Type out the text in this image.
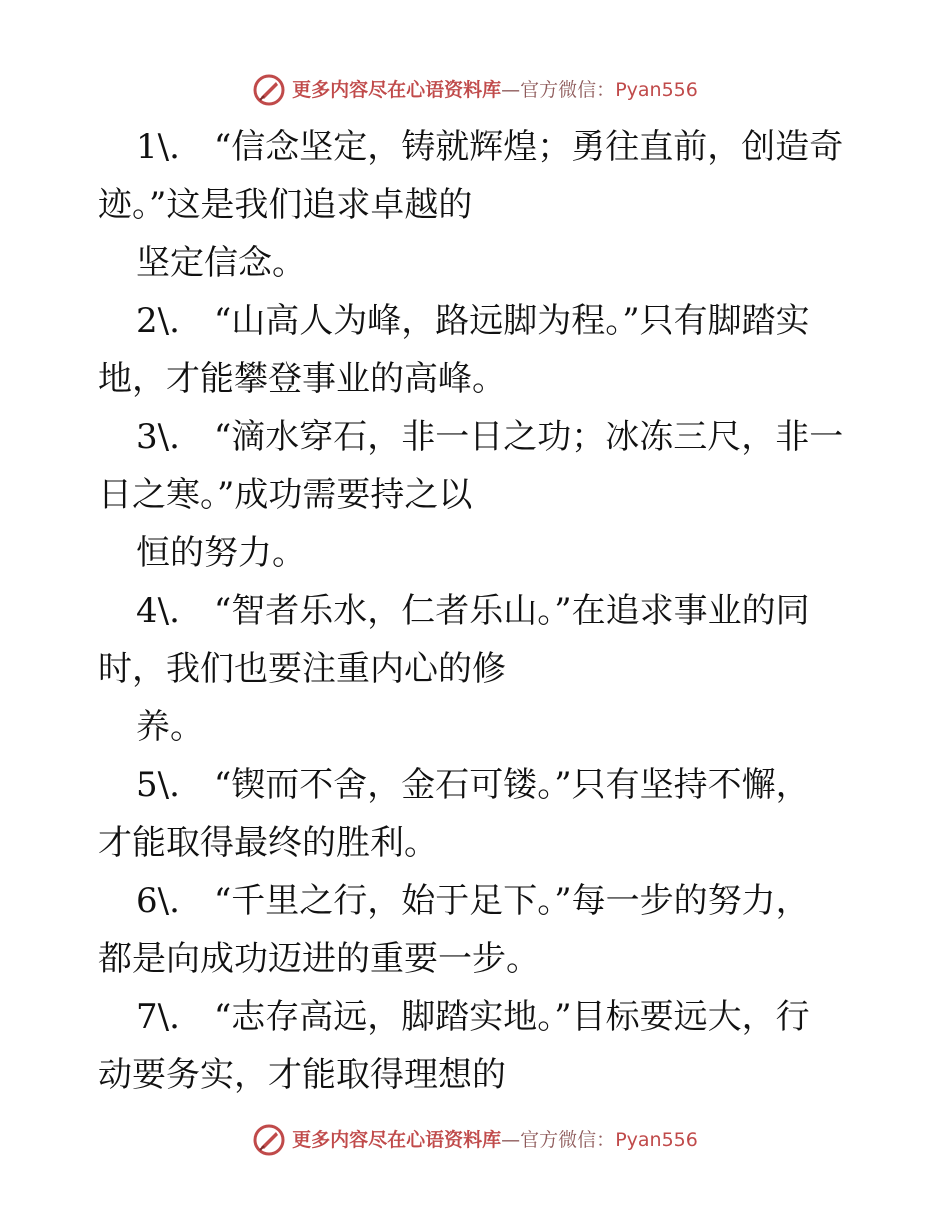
更多内容尽在心语资料库—官方微信：Pyan556

1\.　“信念坚定，铸就辉煌；勇往直前，创造奇
迹。”这是我们追求卓越的
坚定信念。

2\.　“山高人为峰，路远脚为程。”只有脚踏实
地，才能攀登事业的高峰。

3\.　“滴水穿石，非一日之功；冰冻三尺，非一
日之寒。”成功需要持之以
恒的努力。

4\.　“智者乐水，仁者乐山。”在追求事业的同
时，我们也要注重内心的修
养。

5\.　“锲而不舍，金石可镂。”只有坚持不懈，
才能取得最终的胜利。

6\.　“千里之行，始于足下。”每一步的努力，
都是向成功迈进的重要一步。

7\.　“志存高远，脚踏实地。”目标要远大，行
动要务实，才能取得理想的

更多内容尽在心语资料库—官方微信：Pyan556
